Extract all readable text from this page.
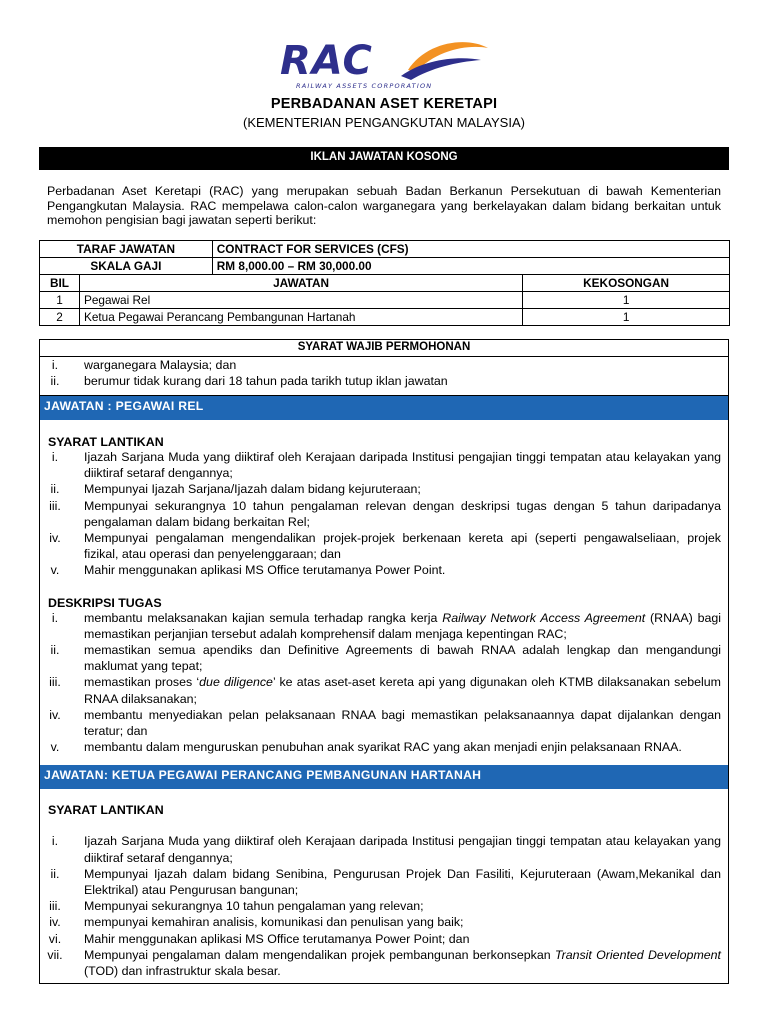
RAC
RAILWAY ASSETS CORPORATION
PERBADANAN ASET KERETAPI
(KEMENTERIAN PENGANGKUTAN MALAYSIA)
IKLAN JAWATAN KOSONG
Perbadanan Aset Keretapi (RAC) yang merupakan sebuah Badan Berkanun Persekutuan di bawah Kementerian Pengangkutan Malaysia. RAC mempelawa calon-calon warganegara yang berkelayakan dalam bidang berkaitan untuk memohon pengisian bagi jawatan seperti berikut:
TARAF JAWATAN		CONTRACT FOR SERVICES (CFS)	
SKALA GAJI		RM 8,000.00 – RM 30,000.00	
BIL	JAWATAN		KEKOSONGAN
1	Pegawai Rel		1
2	Ketua Pegawai Perancang Pembangunan Hartanah		1
SYARAT WAJIB PERMOHONAN
i.	warganegara Malaysia; dan
ii.	berumur tidak kurang dari 18 tahun pada tarikh tutup iklan jawatan
JAWATAN : PEGAWAI REL
SYARAT LANTIKAN
i.	Ijazah Sarjana Muda yang diiktiraf oleh Kerajaan daripada Institusi pengajian tinggi tempatan atau kelayakan yang diiktiraf setaraf dengannya;
ii.	Mempunyai Ijazah Sarjana/Ijazah dalam bidang kejuruteraan;
iii.	Mempunyai sekurangnya 10 tahun pengalaman relevan dengan deskripsi tugas dengan 5 tahun daripadanya pengalaman dalam bidang berkaitan Rel;
iv.	Mempunyai pengalaman mengendalikan projek-projek berkenaan kereta api (seperti pengawalseliaan, projek fizikal, atau operasi dan penyelenggaraan; dan
v.	Mahir menggunakan aplikasi MS Office terutamanya Power Point.
DESKRIPSI TUGAS
i.	membantu melaksanakan kajian semula terhadap rangka kerja Railway Network Access Agreement (RNAA) bagi memastikan perjanjian tersebut adalah komprehensif dalam menjaga kepentingan RAC;
ii.	memastikan semua apendiks dan Definitive Agreements di bawah RNAA adalah lengkap dan mengandungi maklumat yang tepat;
iii.	memastikan proses ‘due diligence’ ke atas aset-aset kereta api yang digunakan oleh KTMB dilaksanakan sebelum RNAA dilaksanakan;
iv.	membantu menyediakan pelan pelaksanaan RNAA bagi memastikan pelaksanaannya dapat dijalankan dengan teratur; dan
v.	membantu dalam menguruskan penubuhan anak syarikat RAC yang akan menjadi enjin pelaksanaan RNAA.
JAWATAN: KETUA PEGAWAI PERANCANG PEMBANGUNAN HARTANAH
SYARAT LANTIKAN
i.	Ijazah Sarjana Muda yang diiktiraf oleh Kerajaan daripada Institusi pengajian tinggi tempatan atau kelayakan yang diiktiraf setaraf dengannya;
ii.	Mempunyai Ijazah dalam bidang Senibina, Pengurusan Projek Dan Fasiliti, Kejuruteraan (Awam,Mekanikal dan Elektrikal) atau Pengurusan bangunan;
iii.	Mempunyai sekurangnya 10 tahun pengalaman yang relevan;
iv.	mempunyai kemahiran analisis, komunikasi dan penulisan yang baik;
vi.	Mahir menggunakan aplikasi MS Office terutamanya Power Point; dan
vii.	Mempunyai pengalaman dalam mengendalikan projek pembangunan berkonsepkan Transit Oriented Development (TOD) dan infrastruktur skala besar.
